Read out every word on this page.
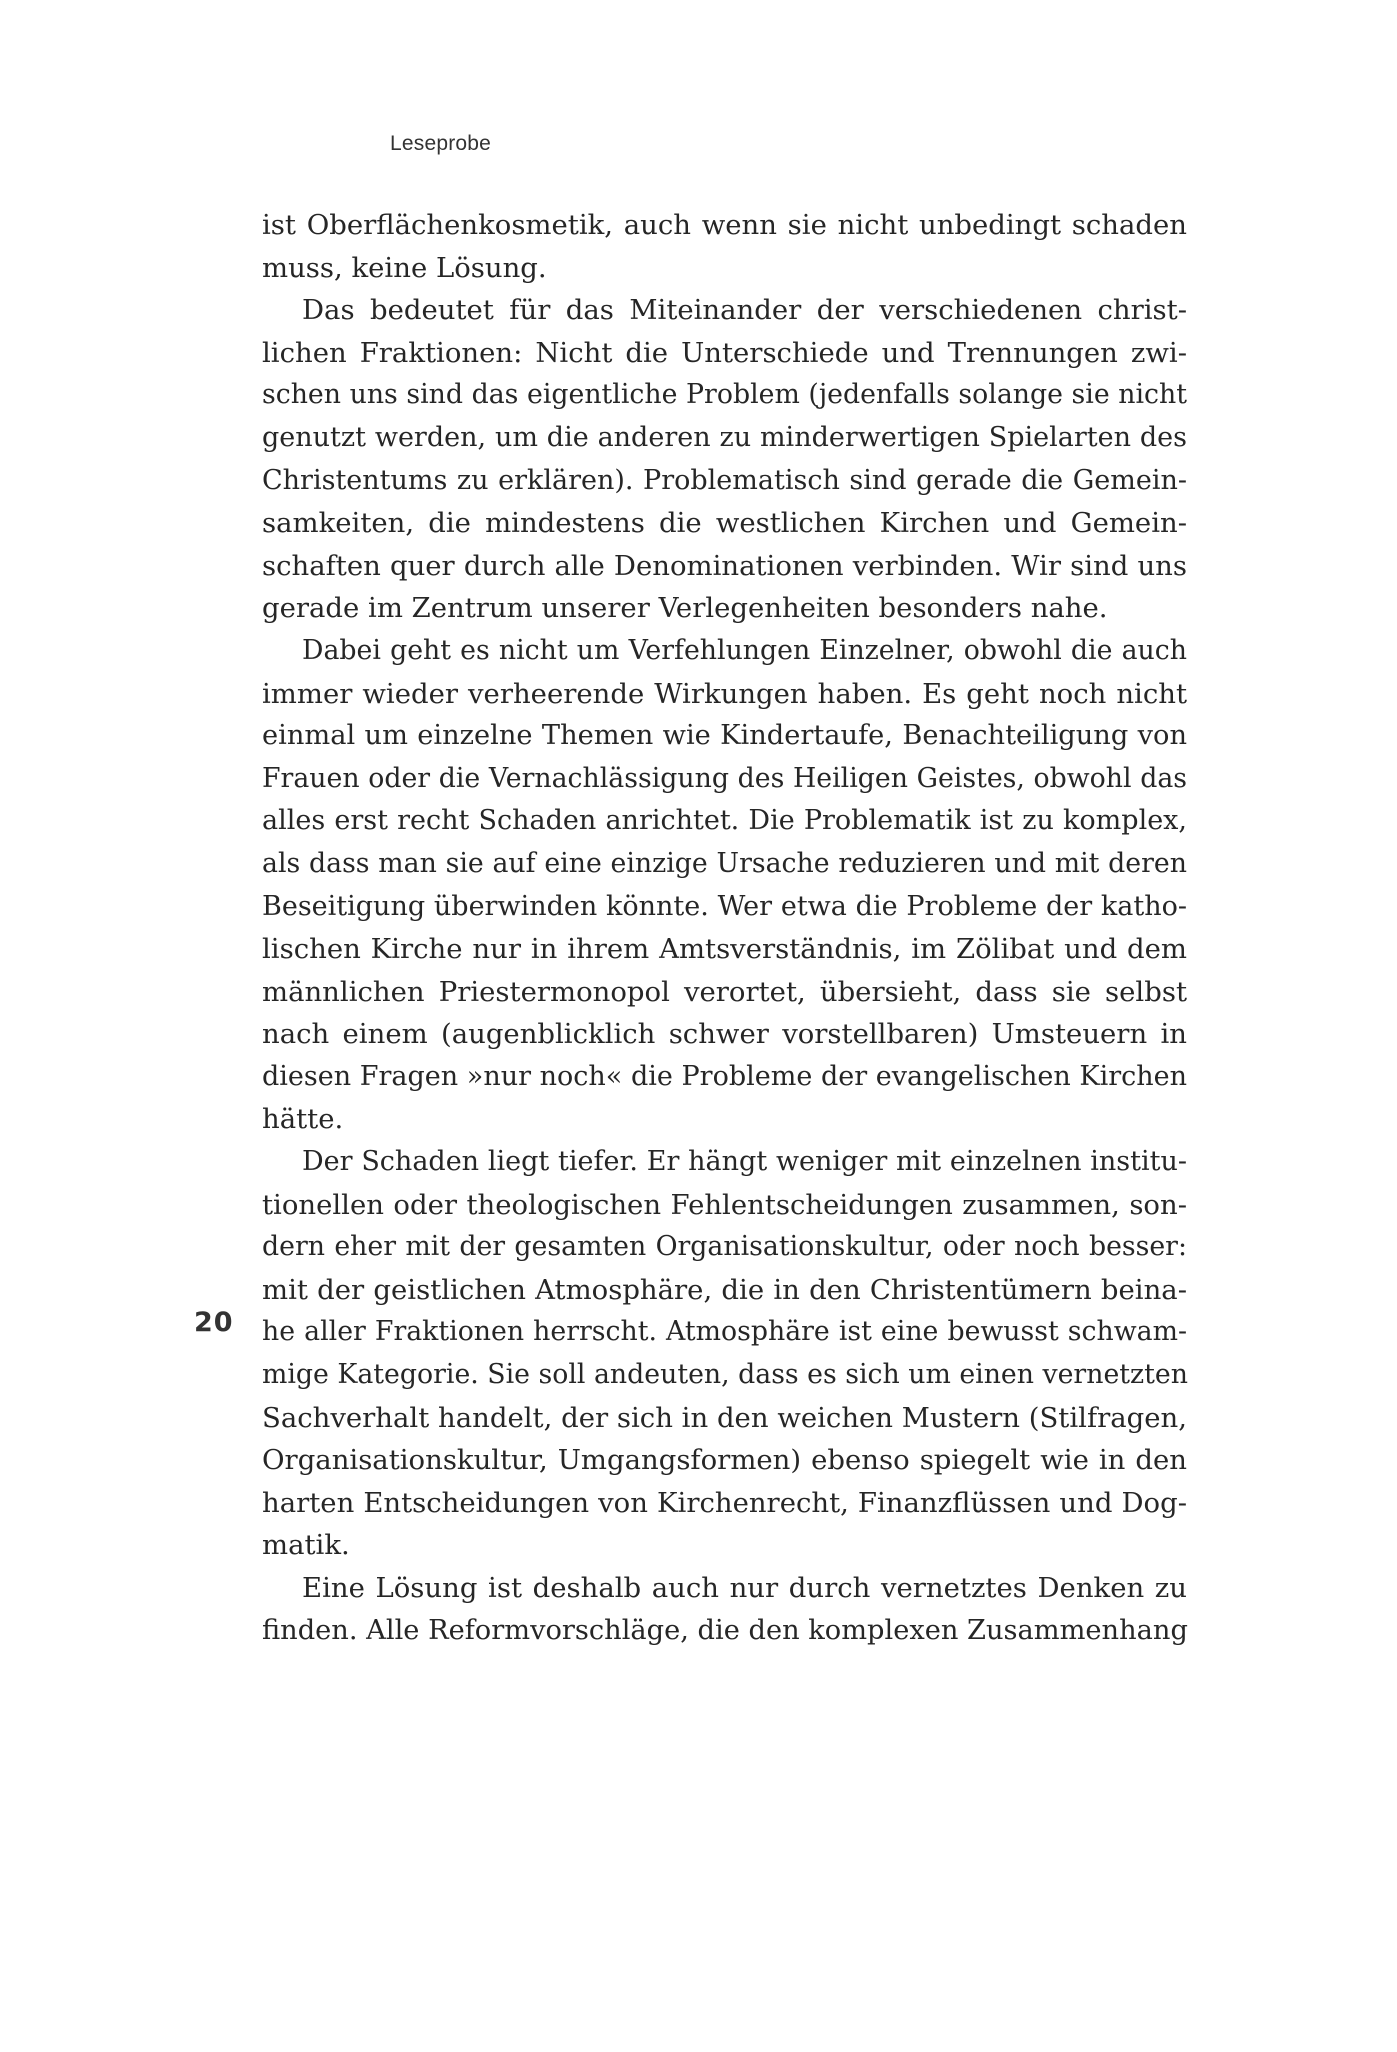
Leseprobe
ist Oberflächenkosmetik, auch wenn sie nicht unbedingt schaden
muss, keine Lösung.
Das bedeutet für das Miteinander der verschiedenen christ-
lichen Fraktionen: Nicht die Unterschiede und Trennungen zwi-
schen uns sind das eigentliche Problem (jedenfalls solange sie nicht
genutzt werden, um die anderen zu minderwertigen Spielarten des
Christentums zu erklären). Problematisch sind gerade die Gemein-
samkeiten, die mindestens die westlichen Kirchen und Gemein-
schaften quer durch alle Denominationen verbinden. Wir sind uns
gerade im Zentrum unserer Verlegenheiten besonders nahe.
Dabei geht es nicht um Verfehlungen Einzelner, obwohl die auch
immer wieder verheerende Wirkungen haben. Es geht noch nicht
einmal um einzelne Themen wie Kindertaufe, Benachteiligung von
Frauen oder die Vernachlässigung des Heiligen Geistes, obwohl das
alles erst recht Schaden anrichtet. Die Problematik ist zu komplex,
als dass man sie auf eine einzige Ursache reduzieren und mit deren
Beseitigung überwinden könnte. Wer etwa die Probleme der katho-
lischen Kirche nur in ihrem Amtsverständnis, im Zölibat und dem
männlichen Priestermonopol verortet, übersieht, dass sie selbst
nach einem (augenblicklich schwer vorstellbaren) Umsteuern in
diesen Fragen »nur noch« die Probleme der evangelischen Kirchen
hätte.
Der Schaden liegt tiefer. Er hängt weniger mit einzelnen institu-
tionellen oder theologischen Fehlentscheidungen zusammen, son-
dern eher mit der gesamten Organisationskultur, oder noch besser:
mit der geistlichen Atmosphäre, die in den Christentümern beina-
he aller Fraktionen herrscht. Atmosphäre ist eine bewusst schwam-
mige Kategorie. Sie soll andeuten, dass es sich um einen vernetzten
Sachverhalt handelt, der sich in den weichen Mustern (Stilfragen,
Organisationskultur, Umgangsformen) ebenso spiegelt wie in den
harten Entscheidungen von Kirchenrecht, Finanzflüssen und Dog-
matik.
Eine Lösung ist deshalb auch nur durch vernetztes Denken zu
finden. Alle Reformvorschläge, die den komplexen Zusammenhang
20
